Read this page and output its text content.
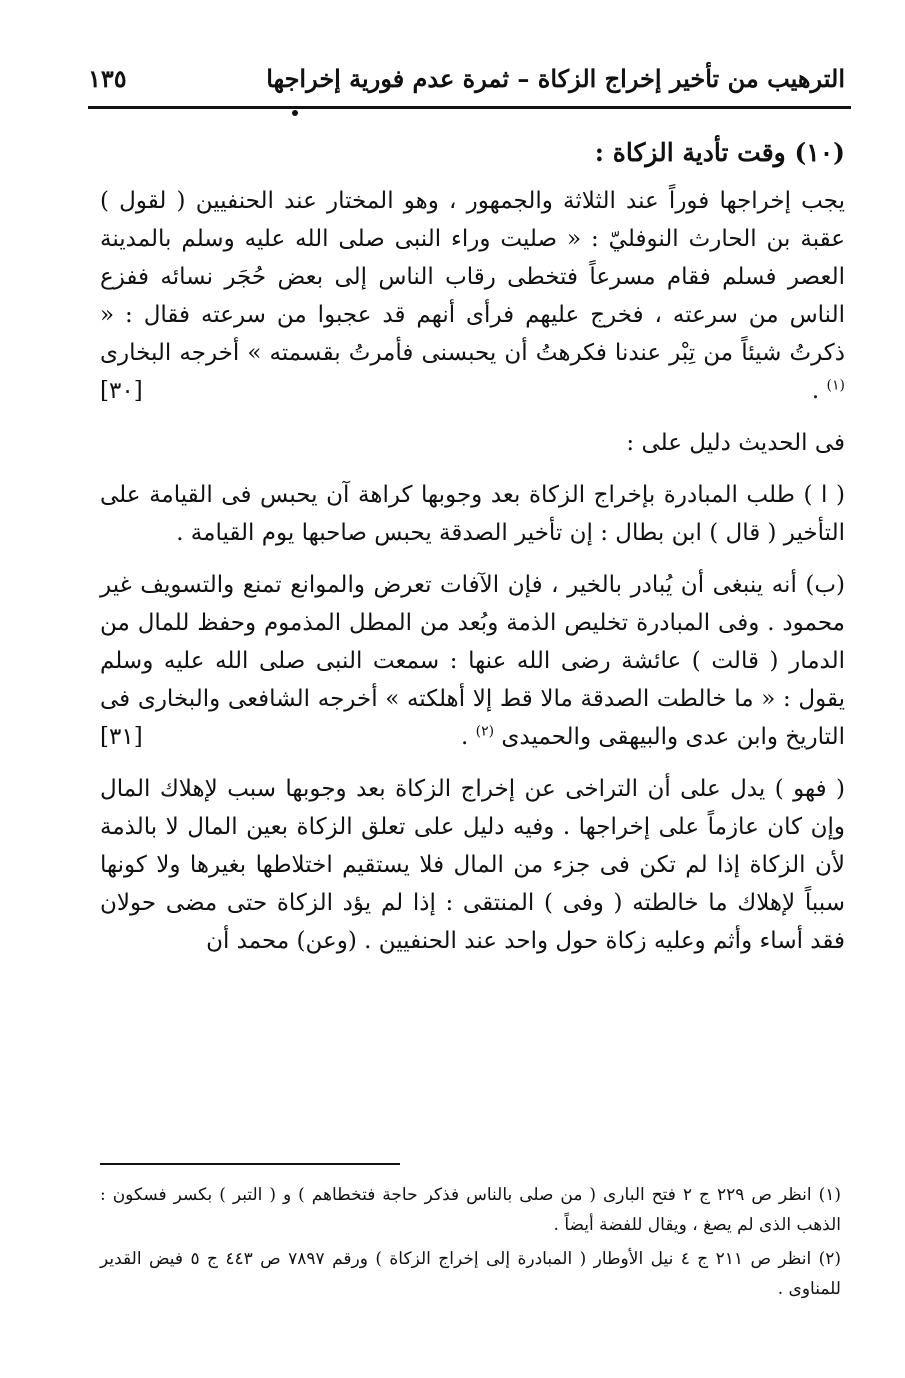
الترهيب من تأخير إخراج الزكاة – ثمرة عدم فورية إخراجها
١٣٥

(١٠) وقت تأدية الزكاة :

يجب إخراجها فوراً عند الثلاثة والجمهور ، وهو المختار عند الحنفيين ( لقول ) عقبة بن الحارث النوفليّ : « صليت وراء النبى صلى الله عليه وسلم بالمدينة العصر فسلم فقام مسرعاً فتخطى رقاب الناس إلى بعض حُجَر نسائه ففزع الناس من سرعته ، فخرج عليهم فرأى أنهم قد عجبوا من سرعته فقال : « ذكرتُ شيئاً من تِبْر عندنا فكرهتُ أن يحبسنى فأمرتُ بقسمته » أخرجه البخارى $^{(١)}$ .
[٣٠]

فى الحديث دليل على :

( ا ) طلب المبادرة بإخراج الزكاة بعد وجوبها كراهة آن يحبس فى القيامة على التأخير ( قال ) ابن بطال : إن تأخير الصدقة يحبس صاحبها يوم القيامة .

(ب) أنه ينبغى أن يُبادر بالخير ، فإن الآفات تعرض والموانع تمنع والتسويف غير محمود . وفى المبادرة تخليص الذمة وبُعد من المطل المذموم وحفظ للمال من الدمار ( قالت ) عائشة رضى الله عنها : سمعت النبى صلى الله عليه وسلم يقول : « ما خالطت الصدقة مالا قط إلا أهلكته » أخرجه الشافعى والبخارى فى التاريخ وابن عدى والبيهقى والحميدى $^{(٢)}$ .
[٣١]

( فهو ) يدل على أن التراخى عن إخراج الزكاة بعد وجوبها سبب لإهلاك المال وإن كان عازماً على إخراجها . وفيه دليل على تعلق الزكاة بعين المال لا بالذمة لأن الزكاة إذا لم تكن فى جزء من المال فلا يستقيم اختلاطها بغيرها ولا كونها سبباً لإهلاك ما خالطته ( وفى ) المنتقى : إذا لم يؤد الزكاة حتى مضى حولان فقد أساء وأثم وعليه زكاة حول واحد عند الحنفيين . (وعن) محمد أن

(١) انظر ص ٢٢٩ ج ٢ فتح البارى ( من صلى بالناس فذكر حاجة فتخطاهم ) و ( التبر ) بكسر فسكون : الذهب الذى لم يصغ ، ويقال للفضة أيضاً .

(٢) انظر ص ٢١١ ج ٤ نيل الأوطار ( المبادرة إلى إخراج الزكاة ) ورقم ٧٨٩٧ ص ٤٤٣ ج ٥ فيض القدير للمناوى .
